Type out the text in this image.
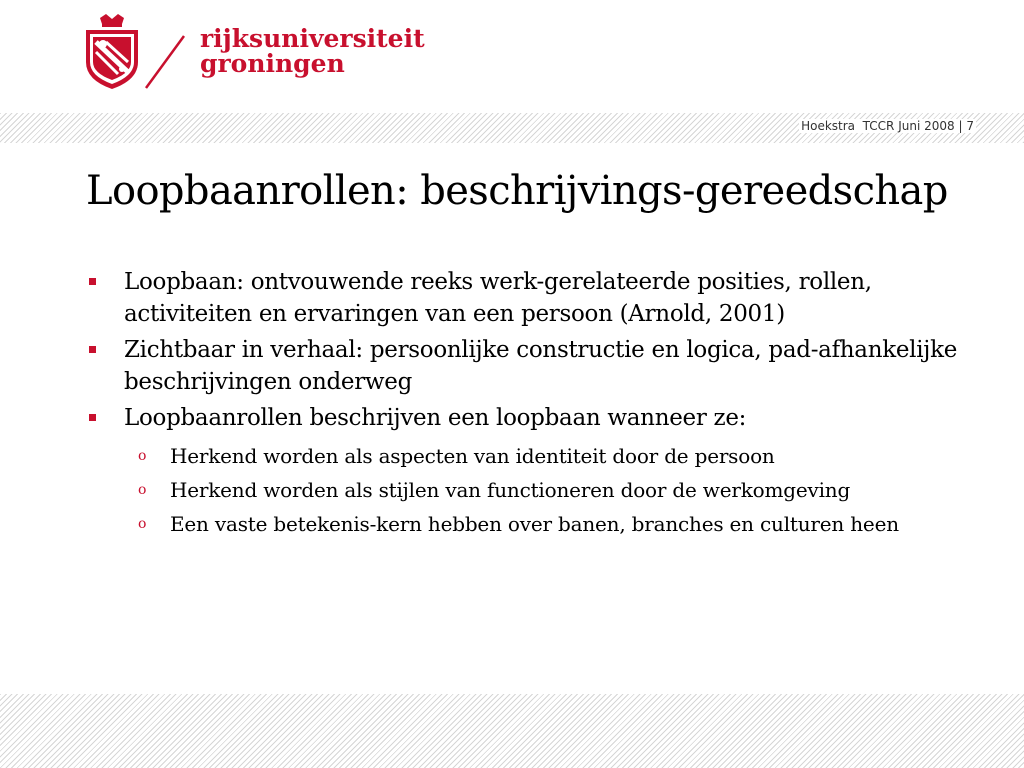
rijksuniversiteit
groningen
Hoekstra TCCR Juni 2008 | 7
Loopbaanrollen: beschrijvings-gereedschap
Loopbaan: ontvouwende reeks werk-gerelateerde posities, rollen, activiteiten en ervaringen van een persoon (Arnold, 2001)
Zichtbaar in verhaal: persoonlijke constructie en logica, pad-afhankelijke beschrijvingen onderweg
Loopbaanrollen beschrijven een loopbaan wanneer ze:
o Herkend worden als aspecten van identiteit door de persoon
o Herkend worden als stijlen van functioneren door de werkomgeving
o Een vaste betekenis-kern hebben over banen, branches en culturen heen
